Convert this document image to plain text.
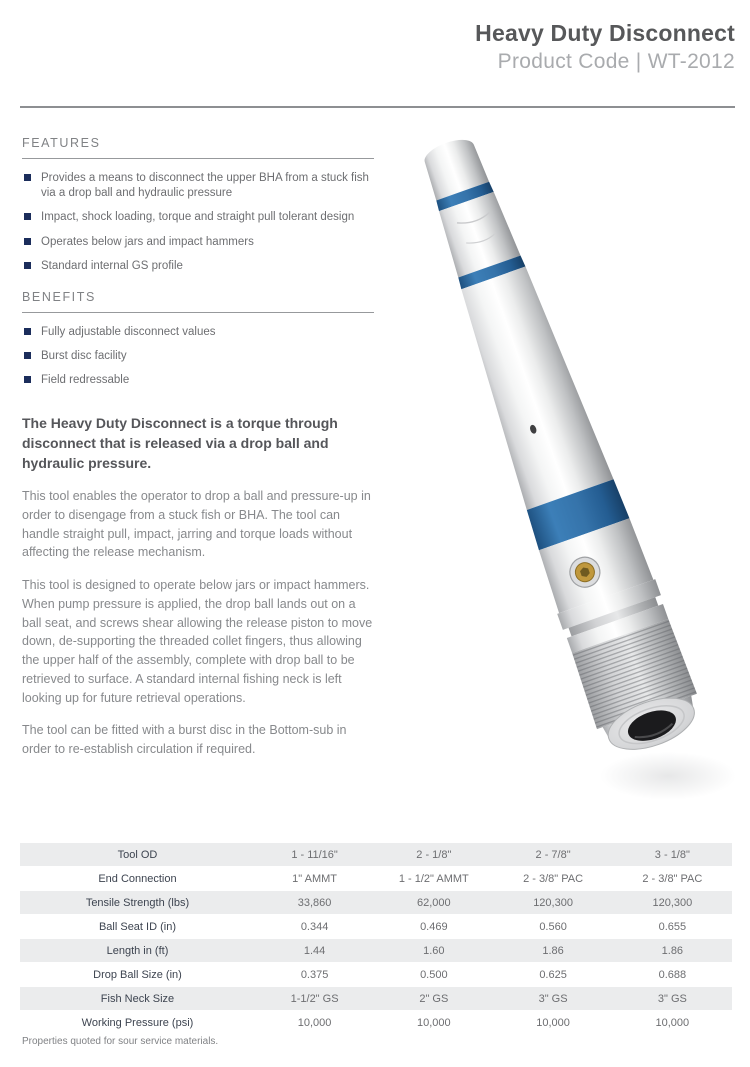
Heavy Duty Disconnect
Product Code | WT-2012
FEATURES
Provides a means to disconnect the upper BHA from a stuck fish via a drop ball and hydraulic pressure
Impact, shock loading, torque and straight pull tolerant design
Operates below jars and impact hammers
Standard internal GS profile
BENEFITS
Fully adjustable disconnect values
Burst disc facility
Field redressable
The Heavy Duty Disconnect is a torque through disconnect that is released via a drop ball and hydraulic pressure.
This tool enables the operator to drop a ball and pressure-up in order to disengage from a stuck fish or BHA. The tool can handle straight pull, impact, jarring and torque loads without affecting the release mechanism.
This tool is designed to operate below jars or impact hammers. When pump pressure is applied, the drop ball lands out on a ball seat, and screws shear allowing the release piston to move down, de-supporting the threaded collet fingers, thus allowing the upper half of the assembly, complete with drop ball to be retrieved to surface. A standard internal fishing neck is left looking up for future retrieval operations.
The tool can be fitted with a burst disc in the Bottom-sub in order to re-establish circulation if required.
Tool OD	1 - 11/16"	2 - 1/8"	2 - 7/8"	3 - 1/8"
End Connection	1" AMMT	1 - 1/2" AMMT	2 - 3/8" PAC	2 - 3/8" PAC
Tensile Strength (lbs)	33,860	62,000	120,300	120,300
Ball Seat ID (in)	0.344	0.469	0.560	0.655
Length in (ft)	1.44	1.60	1.86	1.86
Drop Ball Size (in)	0.375	0.500	0.625	0.688
Fish Neck Size	1-1/2" GS	2" GS	3" GS	3" GS
Working Pressure (psi)	10,000	10,000	10,000	10,000
Properties quoted for sour service materials.
